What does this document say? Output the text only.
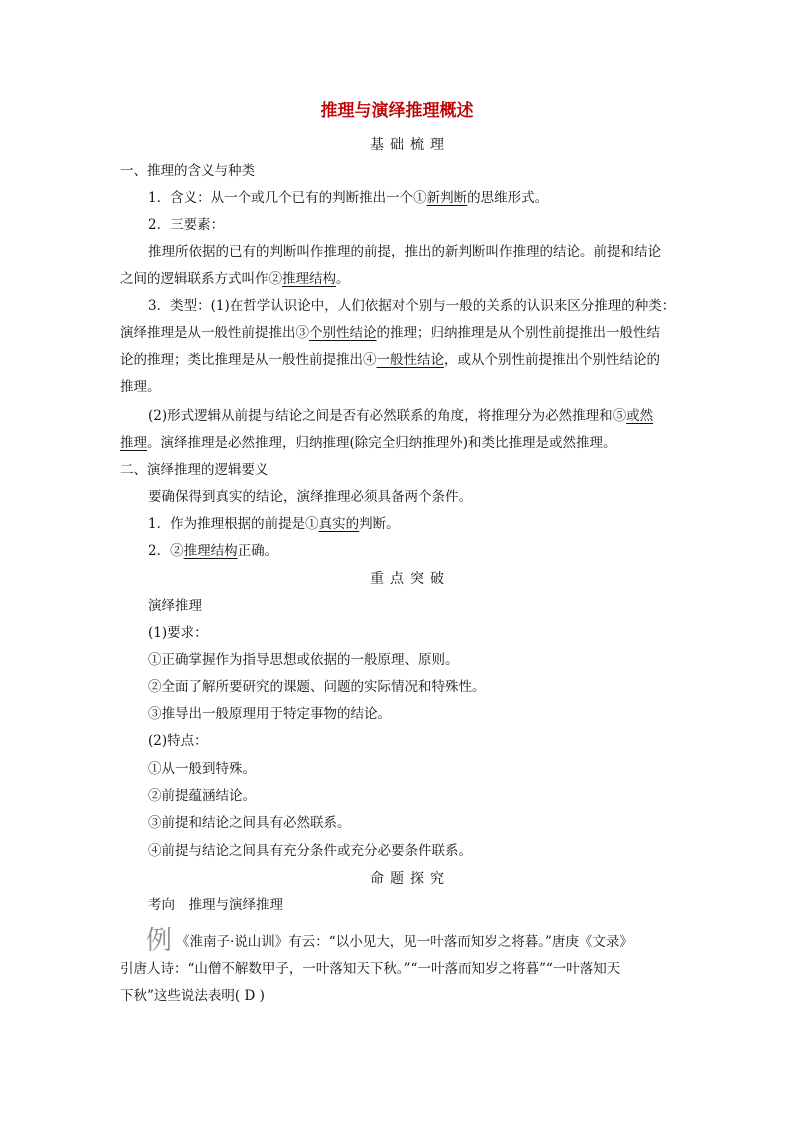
推理与演绎推理概述
基础梳理
一、推理的含义与种类
1．含义：从一个或几个已有的判断推出一个①新判断的思维形式。
2．三要素：
推理所依据的已有的判断叫作推理的前提，推出的新判断叫作推理的结论。前提和结论
之间的逻辑联系方式叫作②推理结构。
3．类型：(1)在哲学认识论中，人们依据对个别与一般的关系的认识来区分推理的种类：
演绎推理是从一般性前提推出③个别性结论的推理；归纳推理是从个别性前提推出一般性结
论的推理；类比推理是从一般性前提推出④一般性结论，或从个别性前提推出个别性结论的
推理。
(2)形式逻辑从前提与结论之间是否有必然联系的角度，将推理分为必然推理和⑤或然
推理。演绎推理是必然推理，归纳推理(除完全归纳推理外)和类比推理是或然推理。
二、演绎推理的逻辑要义
要确保得到真实的结论，演绎推理必须具备两个条件。
1．作为推理根据的前提是①真实的判断。
2．②推理结构正确。
重点突破
演绎推理
(1)要求：
①正确掌握作为指导思想或依据的一般原理、原则。
②全面了解所要研究的课题、问题的实际情况和特殊性。
③推导出一般原理用于特定事物的结论。
(2)特点：
①从一般到特殊。
②前提蕴涵结论。
③前提和结论之间具有必然联系。
④前提与结论之间具有充分条件或充分必要条件联系。
命题探究
考向　推理与演绎推理
例 《淮南子·说山训》有云：“以小见大，见一叶落而知岁之将暮。”唐庚《文录》
引唐人诗：“山僧不解数甲子，一叶落知天下秋。”“一叶落而知岁之将暮”“一叶落知天
下秋”这些说法表明( D )
